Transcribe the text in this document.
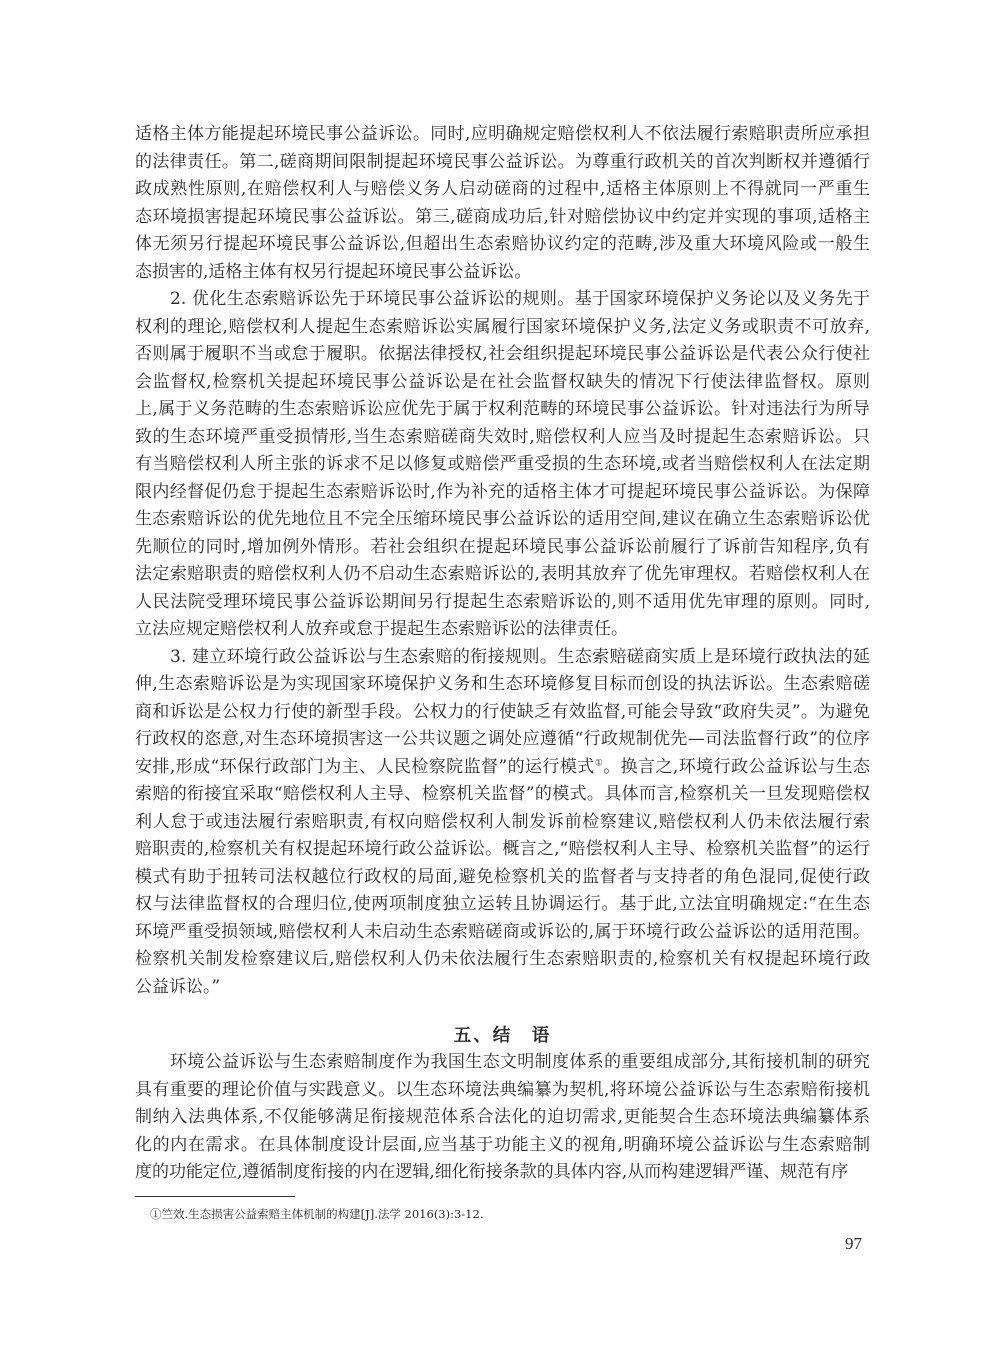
适格主体方能提起环境民事公益诉讼。同时,应明确规定赔偿权利人不依法履行索赔职责所应承担
的法律责任。第二,磋商期间限制提起环境民事公益诉讼。为尊重行政机关的首次判断权并遵循行
政成熟性原则,在赔偿权利人与赔偿义务人启动磋商的过程中,适格主体原则上不得就同一严重生
态环境损害提起环境民事公益诉讼。第三,磋商成功后,针对赔偿协议中约定并实现的事项,适格主
体无须另行提起环境民事公益诉讼,但超出生态索赔协议约定的范畴,涉及重大环境风险或一般生
态损害的,适格主体有权另行提起环境民事公益诉讼。
2. 优化生态索赔诉讼先于环境民事公益诉讼的规则。基于国家环境保护义务论以及义务先于
权利的理论,赔偿权利人提起生态索赔诉讼实属履行国家环境保护义务,法定义务或职责不可放弃,
否则属于履职不当或怠于履职。依据法律授权,社会组织提起环境民事公益诉讼是代表公众行使社
会监督权,检察机关提起环境民事公益诉讼是在社会监督权缺失的情况下行使法律监督权。原则
上,属于义务范畴的生态索赔诉讼应优先于属于权利范畴的环境民事公益诉讼。针对违法行为所导
致的生态环境严重受损情形,当生态索赔磋商失效时,赔偿权利人应当及时提起生态索赔诉讼。只
有当赔偿权利人所主张的诉求不足以修复或赔偿严重受损的生态环境,或者当赔偿权利人在法定期
限内经督促仍怠于提起生态索赔诉讼时,作为补充的适格主体才可提起环境民事公益诉讼。为保障
生态索赔诉讼的优先地位且不完全压缩环境民事公益诉讼的适用空间,建议在确立生态索赔诉讼优
先顺位的同时,增加例外情形。若社会组织在提起环境民事公益诉讼前履行了诉前告知程序,负有
法定索赔职责的赔偿权利人仍不启动生态索赔诉讼的,表明其放弃了优先审理权。若赔偿权利人在
人民法院受理环境民事公益诉讼期间另行提起生态索赔诉讼的,则不适用优先审理的原则。同时,
立法应规定赔偿权利人放弃或怠于提起生态索赔诉讼的法律责任。
3. 建立环境行政公益诉讼与生态索赔的衔接规则。生态索赔磋商实质上是环境行政执法的延
伸,生态索赔诉讼是为实现国家环境保护义务和生态环境修复目标而创设的执法诉讼。生态索赔磋
商和诉讼是公权力行使的新型手段。公权力的行使缺乏有效监督,可能会导致“政府失灵”。为避免
行政权的恣意,对生态环境损害这一公共议题之调处应遵循“行政规制优先—司法监督行政”的位序
安排,形成“环保行政部门为主、人民检察院监督”的运行模式①。换言之,环境行政公益诉讼与生态
索赔的衔接宜采取“赔偿权利人主导、检察机关监督”的模式。具体而言,检察机关一旦发现赔偿权
利人怠于或违法履行索赔职责,有权向赔偿权利人制发诉前检察建议,赔偿权利人仍未依法履行索
赔职责的,检察机关有权提起环境行政公益诉讼。概言之,“赔偿权利人主导、检察机关监督”的运行
模式有助于扭转司法权越位行政权的局面,避免检察机关的监督者与支持者的角色混同,促使行政
权与法律监督权的合理归位,使两项制度独立运转且协调运行。基于此,立法宜明确规定:“在生态
环境严重受损领域,赔偿权利人未启动生态索赔磋商或诉讼的,属于环境行政公益诉讼的适用范围。
检察机关制发检察建议后,赔偿权利人仍未依法履行生态索赔职责的,检察机关有权提起环境行政
公益诉讼。”
五、结　语
环境公益诉讼与生态索赔制度作为我国生态文明制度体系的重要组成部分,其衔接机制的研究
具有重要的理论价值与实践意义。以生态环境法典编纂为契机,将环境公益诉讼与生态索赔衔接机
制纳入法典体系,不仅能够满足衔接规范体系合法化的迫切需求,更能契合生态环境法典编纂体系
化的内在需求。在具体制度设计层面,应当基于功能主义的视角,明确环境公益诉讼与生态索赔制
度的功能定位,遵循制度衔接的内在逻辑,细化衔接条款的具体内容,从而构建逻辑严谨、规范有序
①竺效.生态损害公益索赔主体机制的构建[J].法学 2016(3):3-12.
97
